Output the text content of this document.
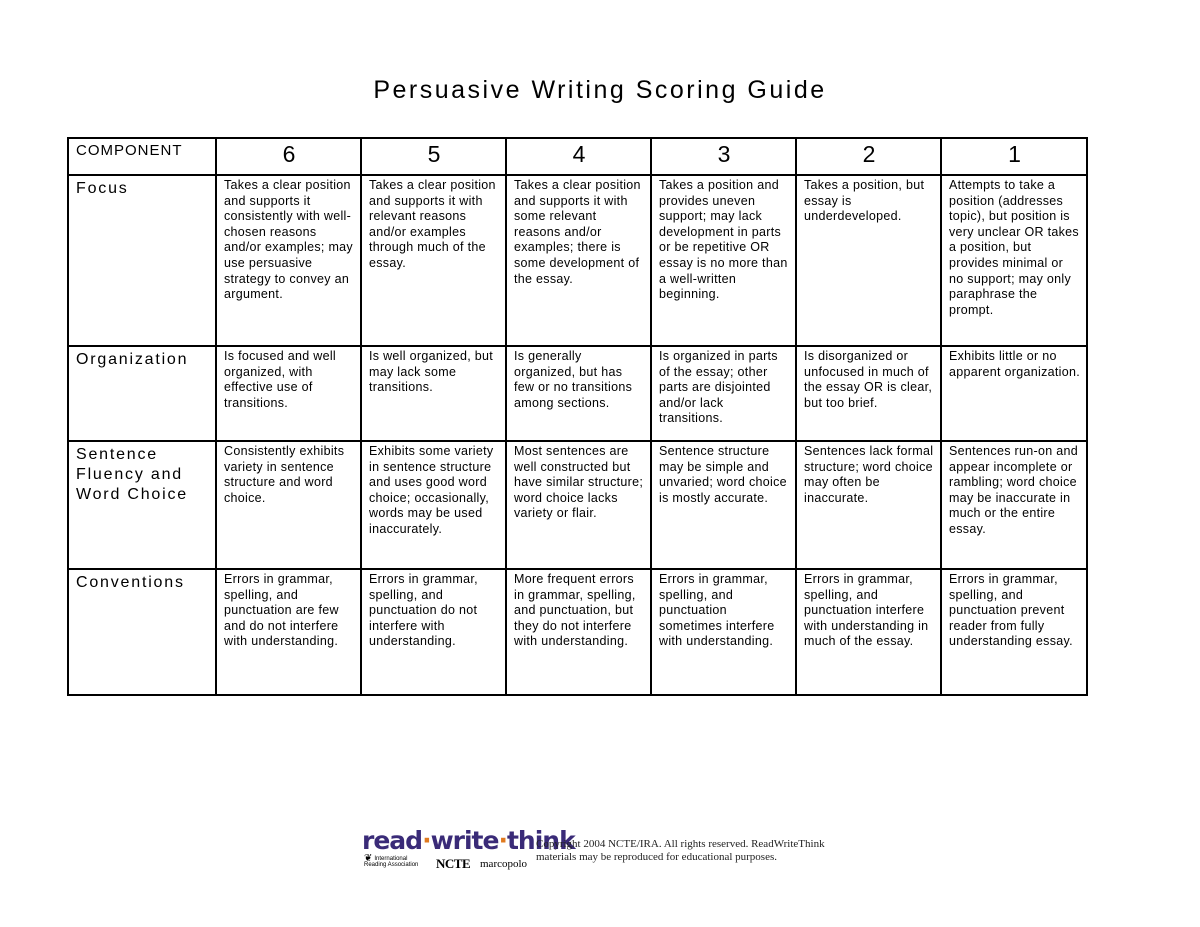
Persuasive Writing Scoring Guide
COMPONENT	6	5	4	3	2	1
Focus	Takes a clear position and supports it consistently with well-chosen reasons and/or examples; may use persuasive strategy to convey an argument.	Takes a clear position and supports it with relevant reasons and/or examples through much of the essay.	Takes a clear position and supports it with some relevant reasons and/or examples; there is some development of the essay.	Takes a position and provides uneven support; may lack development in parts or be repetitive OR essay is no more than a well-written beginning.	Takes a position, but essay is underdeveloped.	Attempts to take a position (addresses topic), but position is very unclear OR takes a position, but provides minimal or no support; may only paraphrase the prompt.
Organization	Is focused and well organized, with effective use of transitions.	Is well organized, but may lack some transitions.	Is generally organized, but has few or no transitions among sections.	Is organized in parts of the essay; other parts are disjointed and/or lack transitions.	Is disorganized or unfocused in much of the essay OR is clear, but too brief.	Exhibits little or no apparent organization.
Sentence Fluency and Word Choice	Consistently exhibits variety in sentence structure and word choice.	Exhibits some variety in sentence structure and uses good word choice; occasionally, words may be used inaccurately.	Most sentences are well constructed but have similar structure; word choice lacks variety or flair.	Sentence structure may be simple and unvaried; word choice is mostly accurate.	Sentences lack formal structure; word choice may often be inaccurate.	Sentences run-on and appear incomplete or rambling; word choice may be inaccurate in much or the entire essay.
Conventions	Errors in grammar, spelling, and punctuation are few and do not interfere with understanding.	Errors in grammar, spelling, and punctuation do not interfere with understanding.	More frequent errors in grammar, spelling, and punctuation, but they do not interfere with understanding.	Errors in grammar, spelling, and punctuation sometimes interfere with understanding.	Errors in grammar, spelling, and punctuation interfere with understanding in much of the essay.	Errors in grammar, spelling, and punctuation prevent reader from fully understanding essay.
read·write·think
❦ International Reading Association	NCTE marcopolo
Copyright 2004 NCTE/IRA. All rights reserved. ReadWriteThink materials may be reproduced for educational purposes.
